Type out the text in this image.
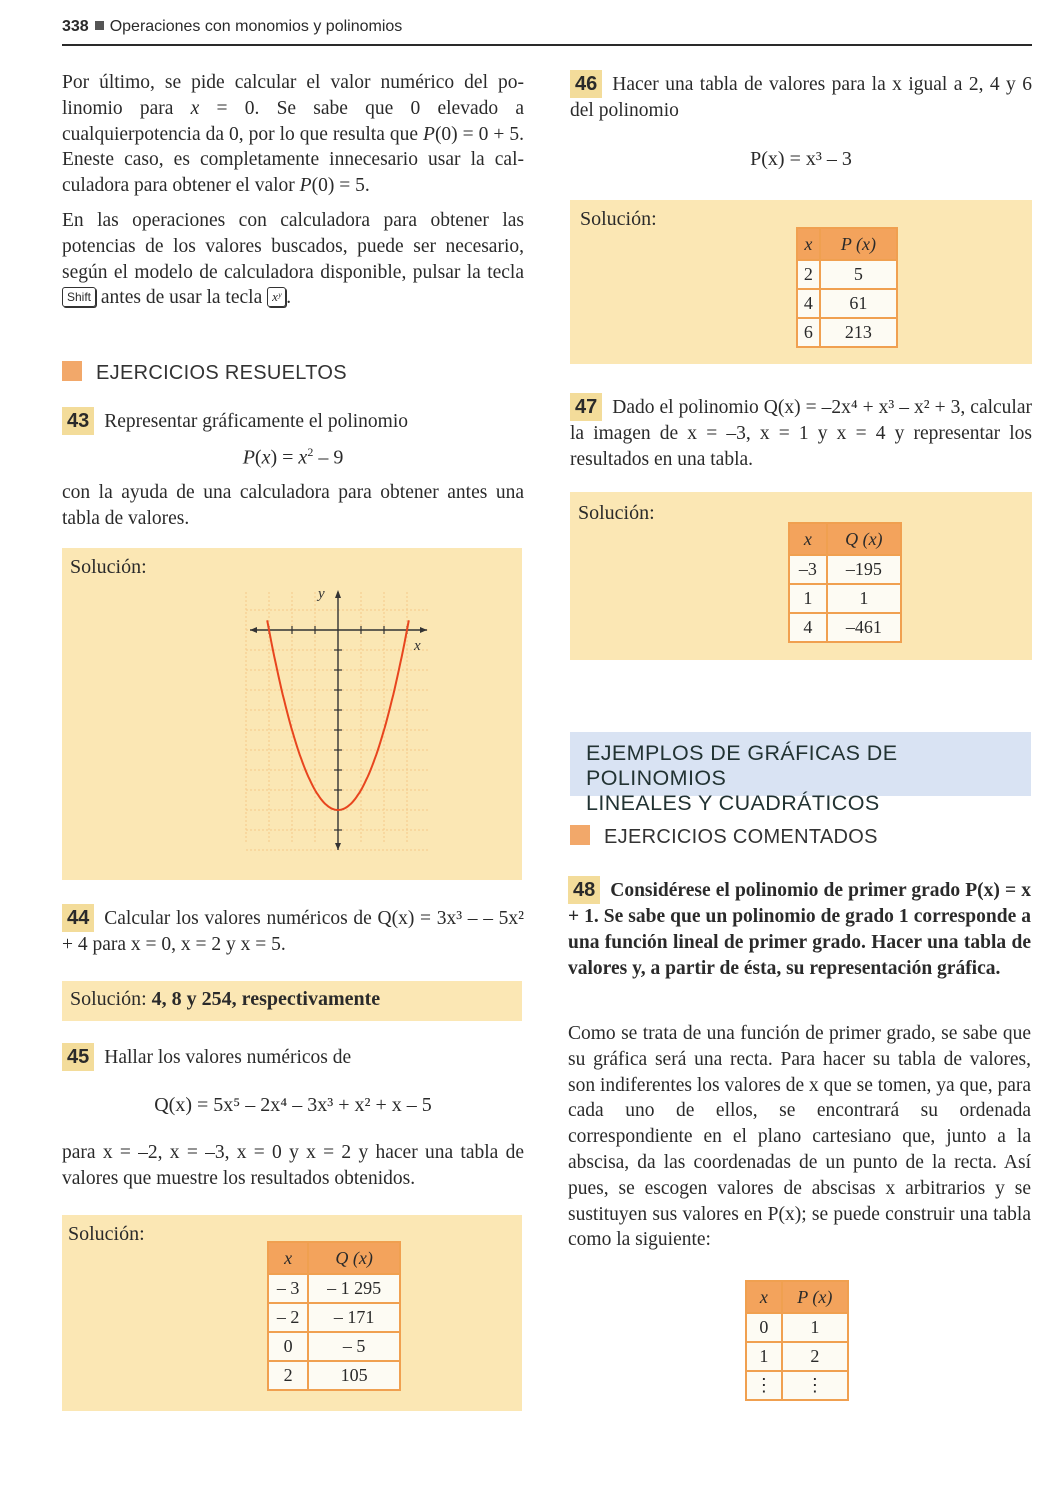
338 Operaciones con monomios y polinomios
Por último, se pide calcular el valor numérico del po-linomio para x = 0. Se sabe que 0 elevado a cualquierpotencia da 0, por lo que resulta que P(0) = 0 + 5. Eneste caso, es completamente innecesario usar la cal-culadora para obtener el valor P(0) = 5.
En las operaciones con calculadora para obtener las potencias de los valores buscados, puede ser necesario, según el modelo de calculadora disponible, pulsar la tecla Shift antes de usar la tecla xʸ .
EJERCICIOS RESUELTOS
43 Representar gráficamente el polinomio
$P(x) = x^2 - 9$
con la ayuda de una calculadora para obtener antes una tabla de valores.
Solución:
y
x
44 Calcular los valores numéricos de Q(x) = 3x³ – – 5x² + 4 para x = 0, x = 2 y x = 5.
Solución: 4, 8 y 254, respectivamente
45 Hallar los valores numéricos de
Q(x) = 5x⁵ – 2x⁴ – 3x³ + x² + x – 5
para x = –2, x = –3, x = 0 y x = 2 y hacer una tabla de valores que muestre los resultados obtenidos.
Solución:
x	Q (x)
– 3	– 1 295
– 2	– 171
0	– 5
2	105
46 Hacer una tabla de valores para la x igual a 2, 4 y 6 del polinomio
P(x) = x³ – 3
Solución:
x	P (x)
2	5
4	61
6	213
47 Dado el polinomio Q(x) = –2x⁴ + x³ – x² + 3, calcular la imagen de x = –3, x = 1 y x = 4 y representar los resultados en una tabla.
Solución:
x	Q (x)
–3	–195
1	1
4	–461
EJEMPLOS DE GRÁFICAS DE POLINOMIOS
LINEALES Y CUADRÁTICOS
EJERCICIOS COMENTADOS
48 Considérese el polinomio de primer grado P(x) = x + 1. Se sabe que un polinomio de grado 1 corresponde a una función lineal de primer grado. Hacer una tabla de valores y, a partir de ésta, su representación gráfica.
Como se trata de una función de primer grado, se sabe que su gráfica será una recta. Para hacer su tabla de valores, son indiferentes los valores de x que se tomen, ya que, para cada uno de ellos, se encontrará su ordenada correspondiente en el plano cartesiano que, junto a la abscisa, da las coordenadas de un punto de la recta. Así pues, se escogen valores de abscisas x arbitrarios y se sustituyen sus valores en P(x); se puede construir una tabla como la siguiente:
x	P (x)
0	1
1	2
⋮	⋮
